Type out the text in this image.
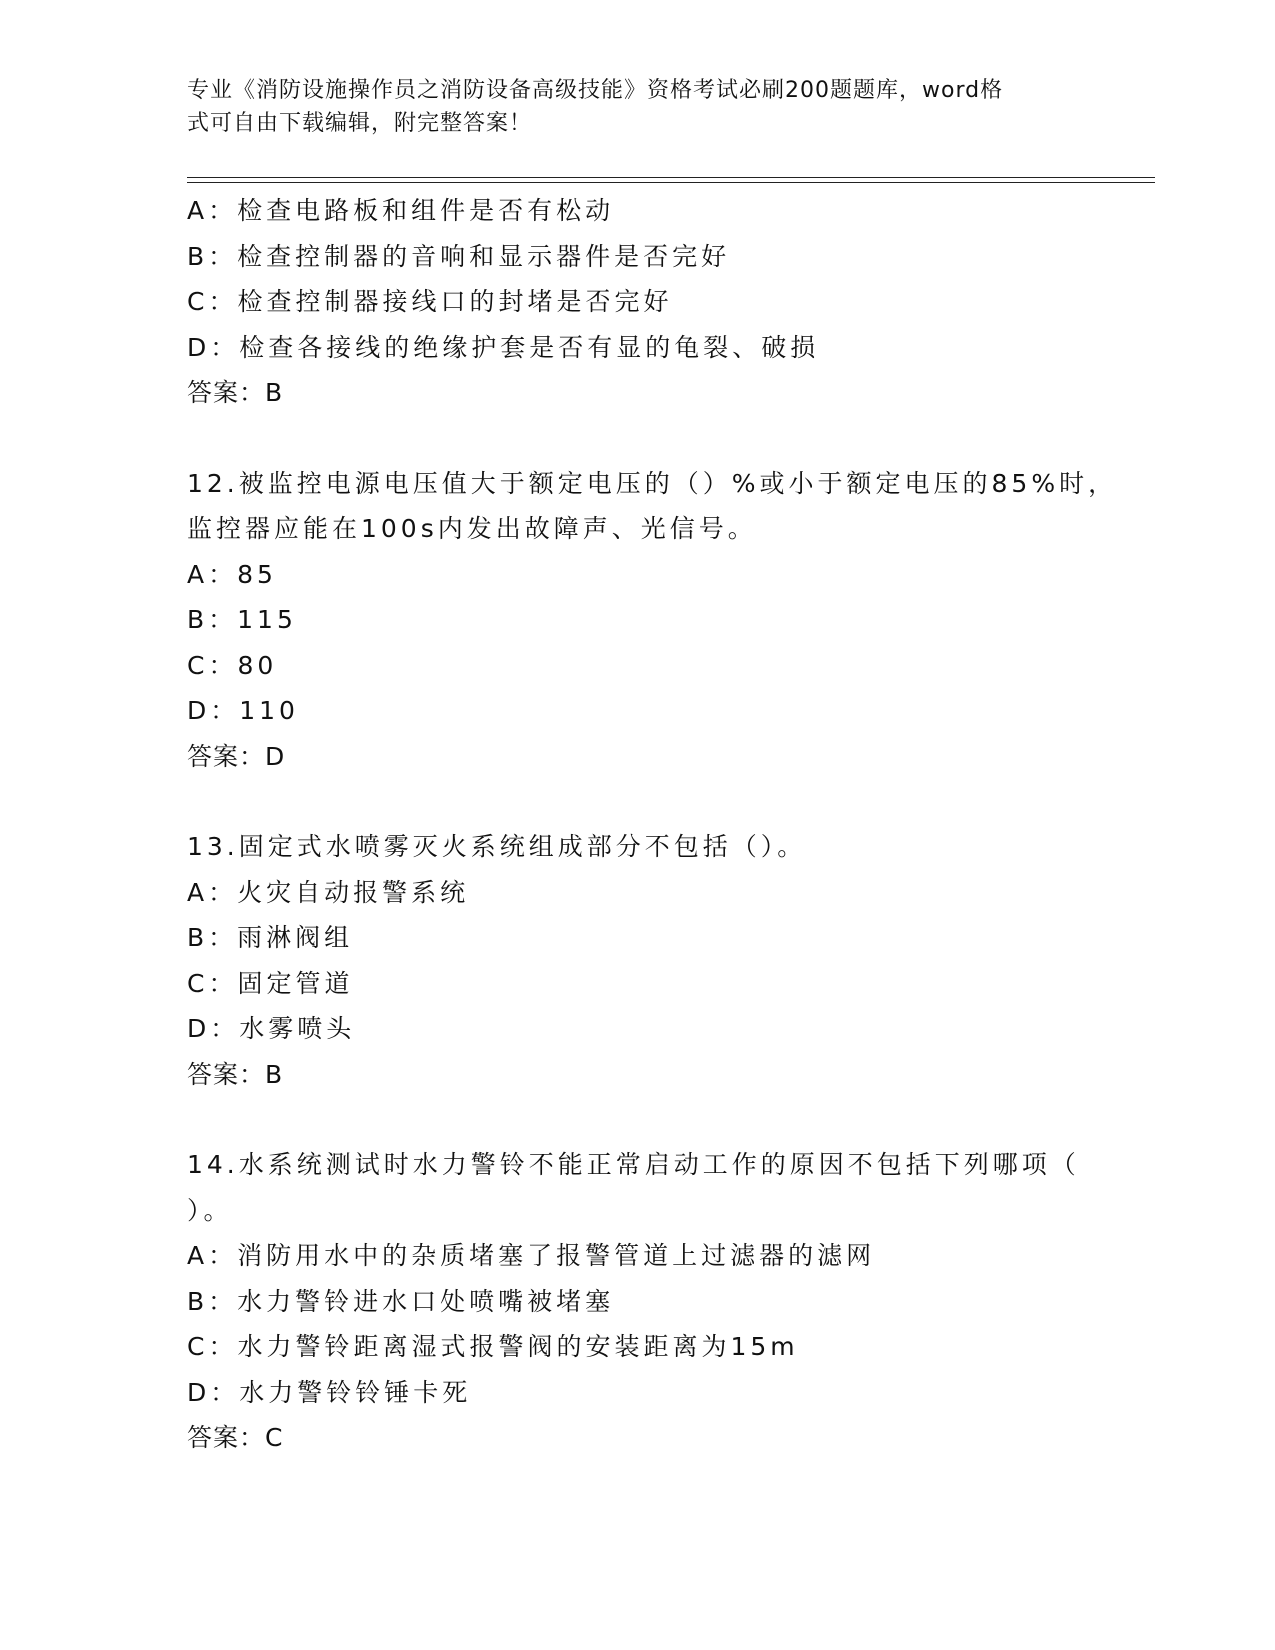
专业《消防设施操作员之消防设备高级技能》资格考试必刷200题题库，word格
式可自由下载编辑，附完整答案！
A：检查电路板和组件是否有松动
B：检查控制器的音响和显示器件是否完好
C：检查控制器接线口的封堵是否完好
D：检查各接线的绝缘护套是否有显的龟裂、破损
答案：B
12.被监控电源电压值大于额定电压的（）%或小于额定电压的85%时，
监控器应能在100s内发出故障声、光信号。
A：85
B：115
C：80
D：110
答案：D
13.固定式水喷雾灭火系统组成部分不包括（）。
A：火灾自动报警系统
B：雨淋阀组
C：固定管道
D：水雾喷头
答案：B
14.水系统测试时水力警铃不能正常启动工作的原因不包括下列哪项（
）。
A：消防用水中的杂质堵塞了报警管道上过滤器的滤网
B：水力警铃进水口处喷嘴被堵塞
C：水力警铃距离湿式报警阀的安装距离为15m
D：水力警铃铃锤卡死
答案：C
